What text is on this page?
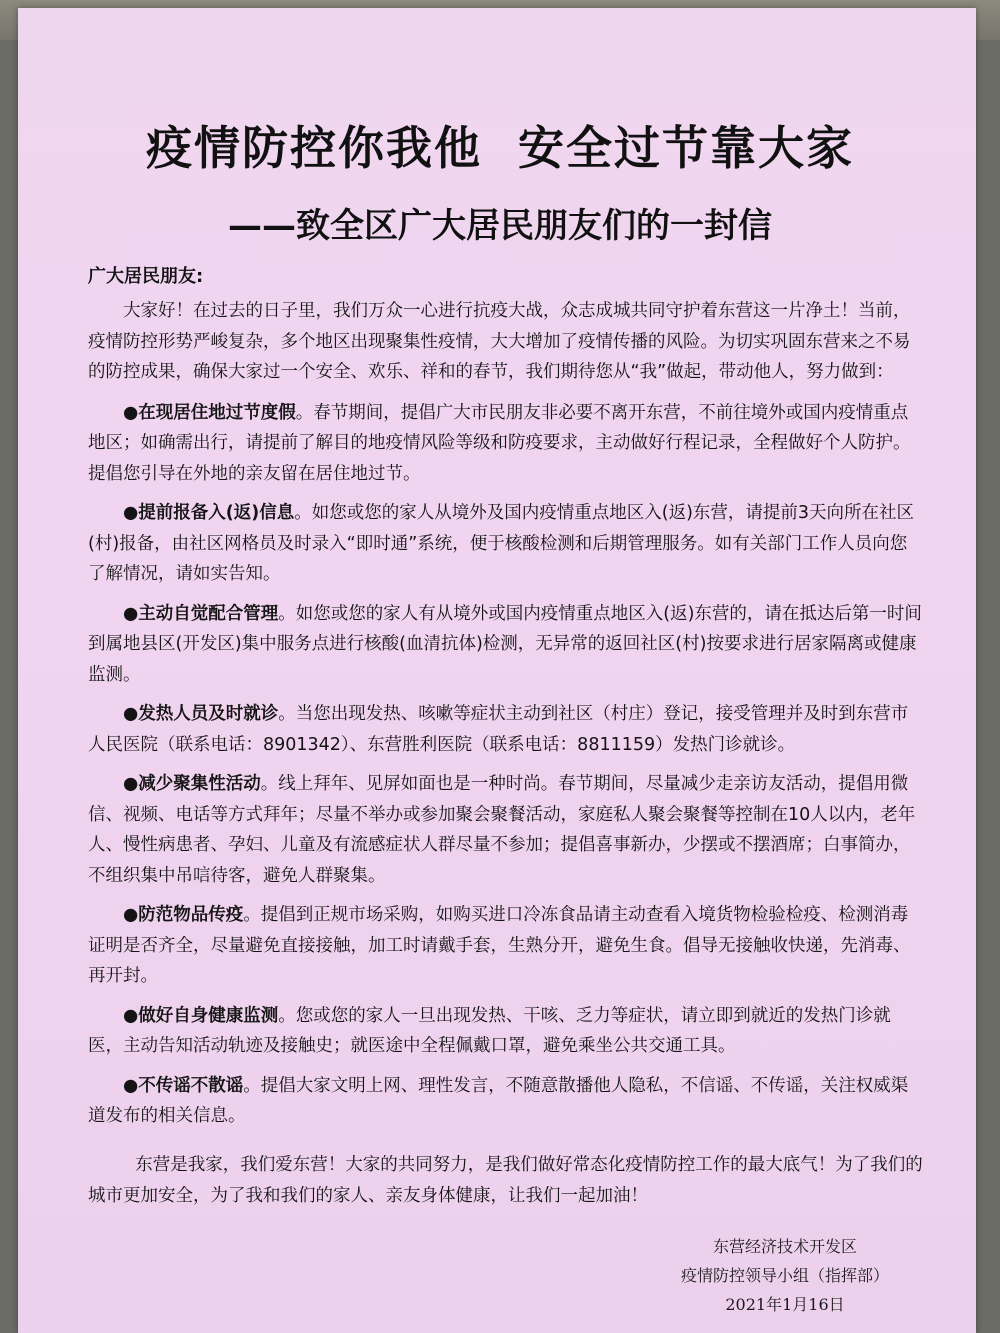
疫情防控你我他  安全过节靠大家
——致全区广大居民朋友们的一封信
广大居民朋友:

大家好！在过去的日子里，我们万众一心进行抗疫大战，众志成城共同守护着东营这一片净土！当前，疫情防控形势严峻复杂，多个地区出现聚集性疫情，大大增加了疫情传播的风险。为切实巩固东营来之不易的防控成果，确保大家过一个安全、欢乐、祥和的春节，我们期待您从“我”做起，带动他人，努力做到：

●在现居住地过节度假。春节期间，提倡广大市民朋友非必要不离开东营，不前往境外或国内疫情重点地区；如确需出行，请提前了解目的地疫情风险等级和防疫要求，主动做好行程记录，全程做好个人防护。提倡您引导在外地的亲友留在居住地过节。

●提前报备入(返)信息。如您或您的家人从境外及国内疫情重点地区入(返)东营，请提前3天向所在社区(村)报备，由社区网格员及时录入“即时通”系统，便于核酸检测和后期管理服务。如有关部门工作人员向您了解情况，请如实告知。

●主动自觉配合管理。如您或您的家人有从境外或国内疫情重点地区入(返)东营的，请在抵达后第一时间到属地县区(开发区)集中服务点进行核酸(血清抗体)检测，无异常的返回社区(村)按要求进行居家隔离或健康监测。

●发热人员及时就诊。当您出现发热、咳嗽等症状主动到社区（村庄）登记，接受管理并及时到东营市人民医院（联系电话：8901342）、东营胜利医院（联系电话：8811159）发热门诊就诊。

●减少聚集性活动。线上拜年、见屏如面也是一种时尚。春节期间，尽量减少走亲访友活动，提倡用微信、视频、电话等方式拜年；尽量不举办或参加聚会聚餐活动，家庭私人聚会聚餐等控制在10人以内，老年人、慢性病患者、孕妇、儿童及有流感症状人群尽量不参加；提倡喜事新办，少摆或不摆酒席；白事简办，不组织集中吊唁待客，避免人群聚集。

●防范物品传疫。提倡到正规市场采购，如购买进口冷冻食品请主动查看入境货物检验检疫、检测消毒证明是否齐全，尽量避免直接接触，加工时请戴手套，生熟分开，避免生食。倡导无接触收快递，先消毒、再开封。

●做好自身健康监测。您或您的家人一旦出现发热、干咳、乏力等症状，请立即到就近的发热门诊就医，主动告知活动轨迹及接触史；就医途中全程佩戴口罩，避免乘坐公共交通工具。

●不传谣不散谣。提倡大家文明上网、理性发言，不随意散播他人隐私，不信谣、不传谣，关注权威渠道发布的相关信息。

东营是我家，我们爱东营！大家的共同努力，是我们做好常态化疫情防控工作的最大底气！为了我们的城市更加安全，为了我和我们的家人、亲友身体健康，让我们一起加油！

东营经济技术开发区
疫情防控领导小组（指挥部）
2021年1月16日
